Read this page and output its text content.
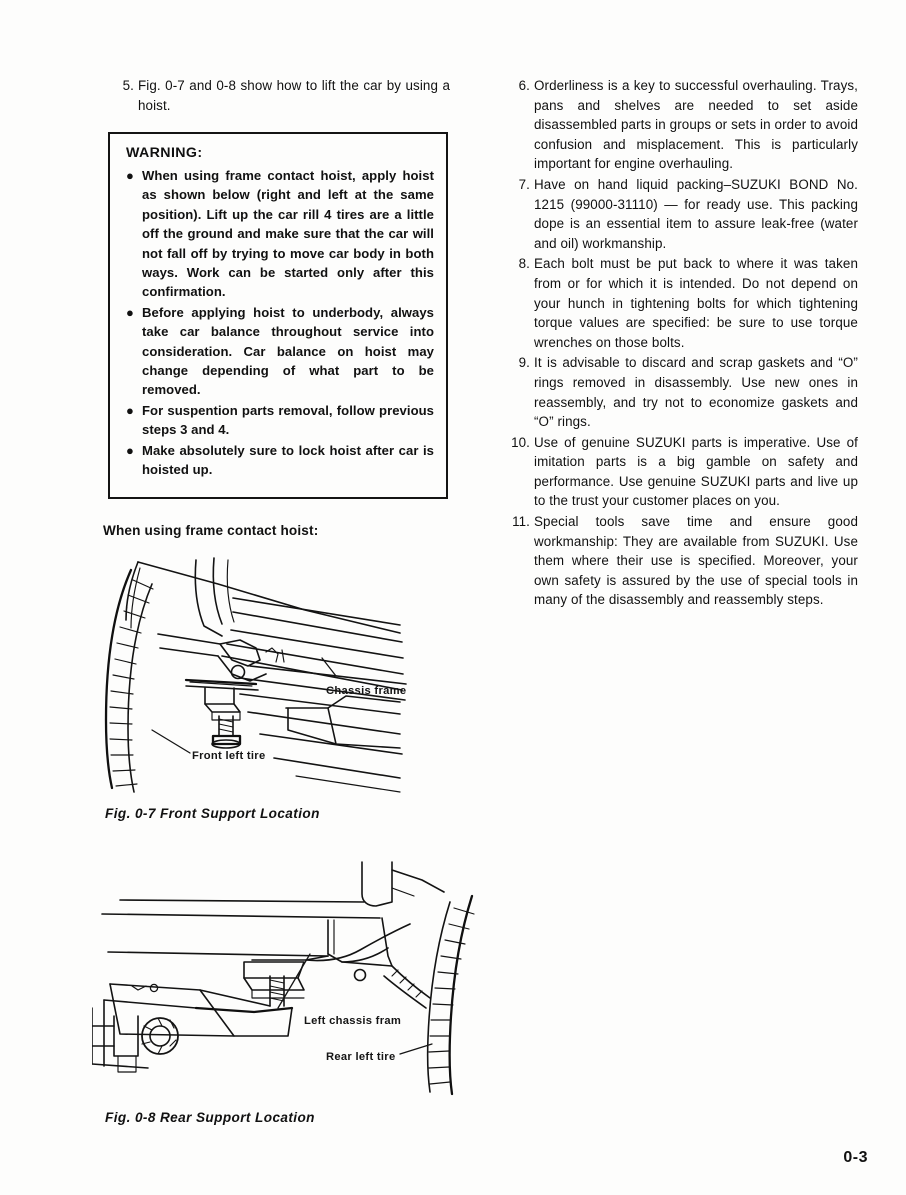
5. Fig. 0-7 and 0-8 show how to lift the car by using a hoist.
WARNING:
● When using frame contact hoist, apply hoist as shown below (right and left at the same position). Lift up the car rill 4 tires are a little off the ground and make sure that the car will not fall off by trying to move car body in both ways. Work can be started only after this confirmation.
● Before applying hoist to underbody, always take car balance throughout service into consideration. Car balance on hoist may change depending of what part to be removed.
● For suspention parts removal, follow previous steps 3 and 4.
● Make absolutely sure to lock hoist after car is hoisted up.
When using frame contact hoist:
Chassis frame
Front left tire
Fig. 0-7 Front Support Location
Left chassis fram
Rear left tire
Fig. 0-8 Rear Support Location
6. Orderliness is a key to successful overhauling. Trays, pans and shelves are needed to set aside disassembled parts in groups or sets in order to avoid confusion and misplacement. This is particularly important for engine overhauling.
7. Have on hand liquid packing–SUZUKI BOND No. 1215 (99000-31110) — for ready use. This packing dope is an essential item to assure leak-free (water and oil) workmanship.
8. Each bolt must be put back to where it was taken from or for which it is intended. Do not depend on your hunch in tightening bolts for which tightening torque values are specified: be sure to use torque wrenches on those bolts.
9. It is advisable to discard and scrap gaskets and “O” rings removed in disassembly. Use new ones in reassembly, and try not to economize gaskets and “O” rings.
10. Use of genuine SUZUKI parts is imperative. Use of imitation parts is a big gamble on safety and performance. Use genuine SUZUKI parts and live up to the trust your customer places on you.
11. Special tools save time and ensure good workmanship: They are available from SUZUKI. Use them where their use is specified. Moreover, your own safety is assured by the use of special tools in many of the disassembly and reassembly steps.
0-3
